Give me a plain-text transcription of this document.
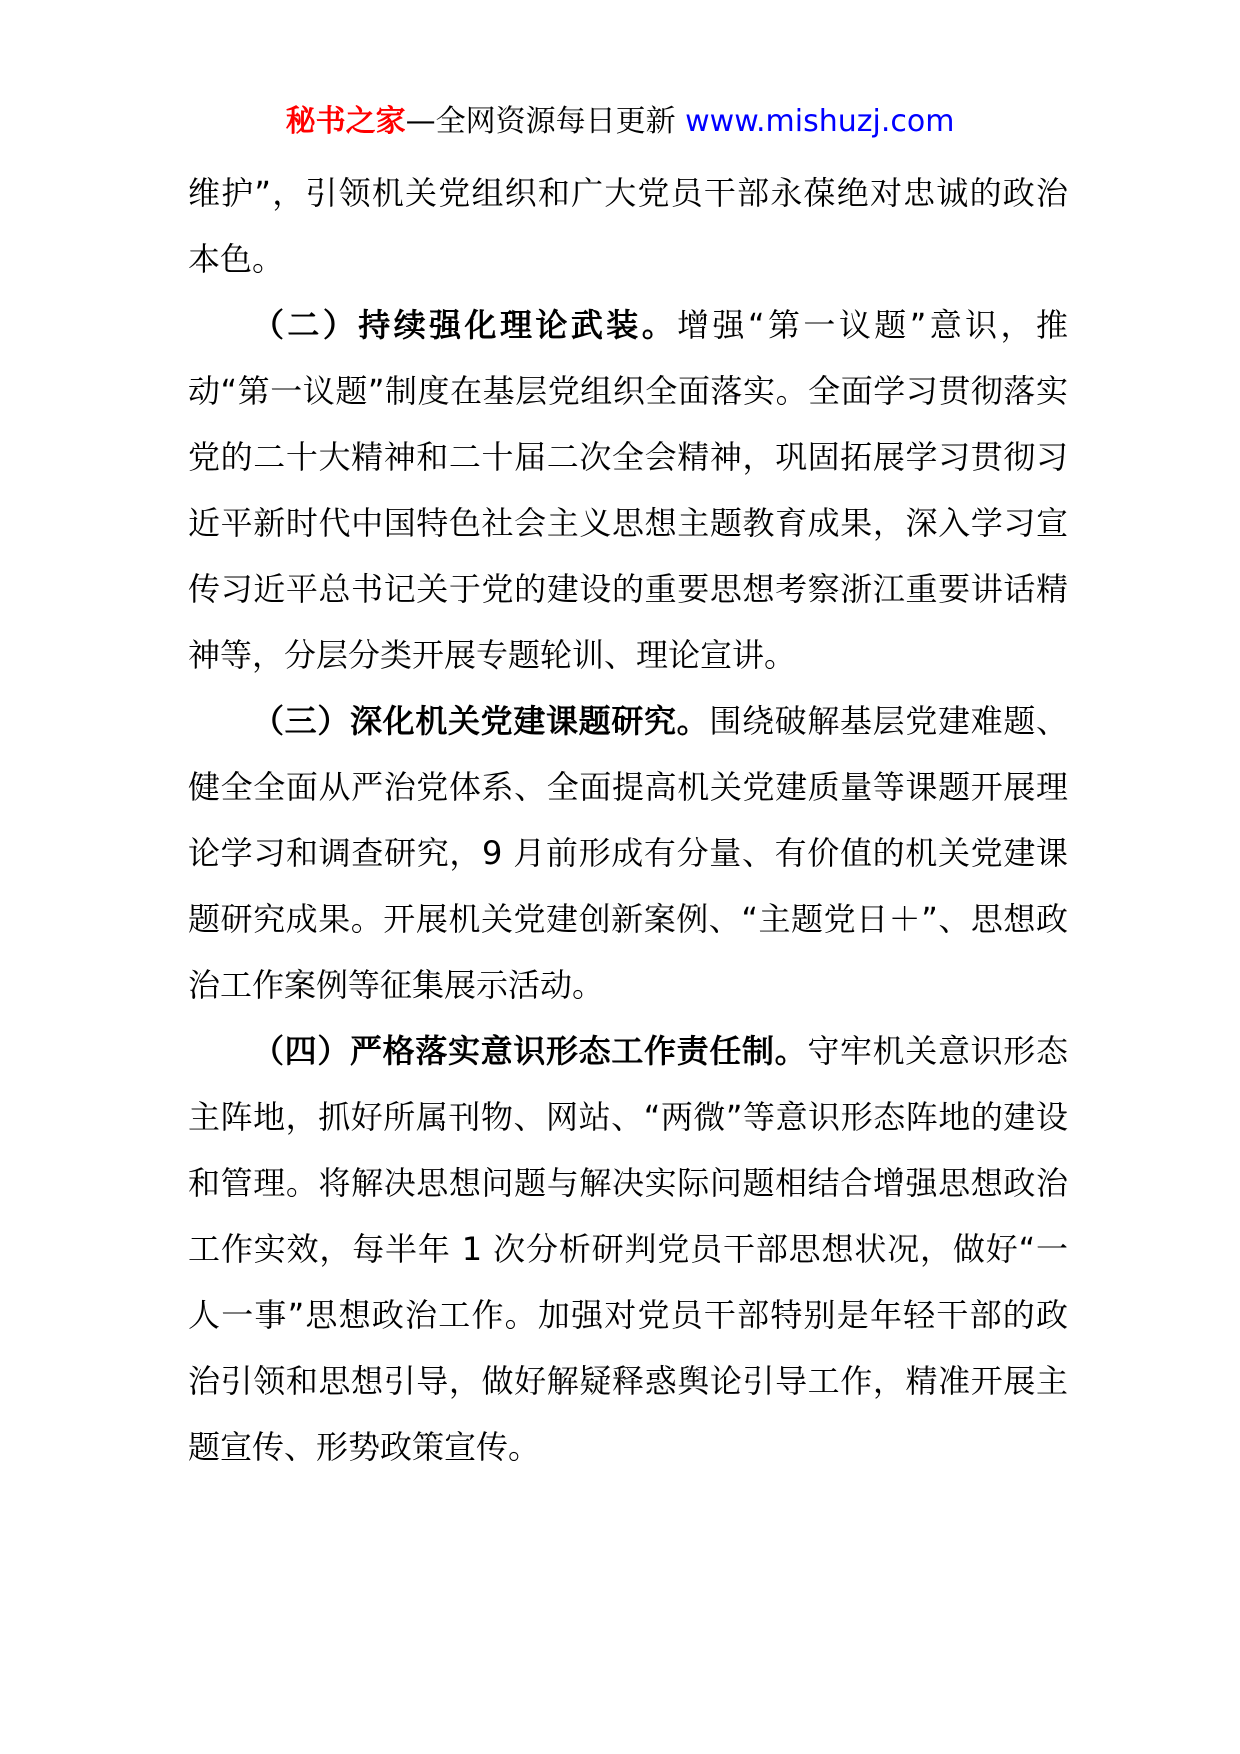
秘书之家—全网资源每日更新 www.mishuzj.com

维护”，引领机关党组织和广大党员干部永葆绝对忠诚的政治本色。

（二）持续强化理论武装。增强“第一议题”意识，推动“第一议题”制度在基层党组织全面落实。全面学习贯彻落实党的二十大精神和二十届二次全会精神，巩固拓展学习贯彻习近平新时代中国特色社会主义思想主题教育成果，深入学习宣传习近平总书记关于党的建设的重要思想考察浙江重要讲话精神等，分层分类开展专题轮训、理论宣讲。

（三）深化机关党建课题研究。围绕破解基层党建难题、健全全面从严治党体系、全面提高机关党建质量等课题开展理论学习和调查研究，9 月前形成有分量、有价值的机关党建课题研究成果。开展机关党建创新案例、“主题党日＋”、思想政治工作案例等征集展示活动。

（四）严格落实意识形态工作责任制。守牢机关意识形态主阵地，抓好所属刊物、网站、“两微”等意识形态阵地的建设和管理。将解决思想问题与解决实际问题相结合增强思想政治工作实效，每半年 1 次分析研判党员干部思想状况，做好“一人一事”思想政治工作。加强对党员干部特别是年轻干部的政治引领和思想引导，做好解疑释惑舆论引导工作，精准开展主题宣传、形势政策宣传。
